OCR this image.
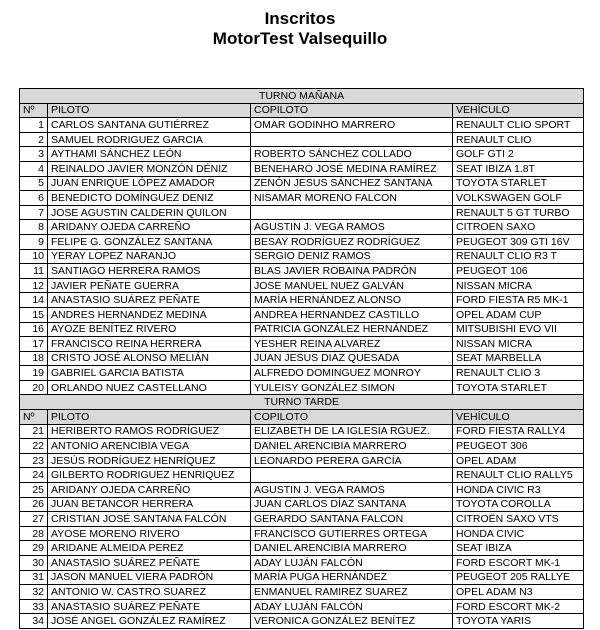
Inscritos
MotorTest Valsequillo
TURNO MAÑANA			
Nº	PILOTO	COPILOTO	VEHÍCULO
1	CARLOS SANTANA GUTIÉRREZ	OMAR GODINHO MARRERO	RENAULT CLIO SPORT
2	SAMUEL RODRIGUEZ GARCIA		RENAULT CLIO
3	AYTHAMI SÁNCHEZ LEÓN	ROBERTO SÁNCHEZ COLLADO	GOLF GTI 2
4	REINALDO JAVIER MONZÓN DÉNIZ	BENEHARO JOSÉ MEDINA RAMÍREZ	SEAT IBIZA 1.8T
5	JUAN ENRIQUE LÓPEZ AMADOR	ZENÓN JESUS SÁNCHEZ SANTANA	TOYOTA STARLET
6	BENEDICTO DOMÍNGUEZ DENIZ	NISAMAR MORENO FALCON	VOLKSWAGEN GOLF
7	JOSE AGUSTIN CALDERIN QUILON		RENAULT 5 GT TURBO
8	ARIDANY OJEDA CARREÑO	AGUSTIN J. VEGA RAMOS	CITROEN SAXO
9	FELIPE G. GONZÁLEZ SANTANA	BESAY RODRÍGUEZ RODRÍGUEZ	PEUGEOT 309 GTI 16V
10	YERAY LOPEZ NARANJO	SERGIO DENIZ RAMOS	RENAULT CLIO R3 T
11	SANTIAGO HERRERA RAMOS	BLAS JAVIER ROBAINA PADRÓN	PEUGEOT 106
12	JAVIER PEÑATE GUERRA	JOSE MANUEL NUEZ GALVÁN	NISSAN MICRA
14	ANASTASIO SUÁREZ PEÑATE	MARÍA HERNÁNDEZ ALONSO	FORD FIESTA R5 MK-1
15	ANDRES HERNANDEZ MEDINA	ANDREA HERNANDEZ CASTILLO	OPEL ADAM CUP
16	AYOZE BENÍTEZ RIVERO	PATRICIA GONZÁLEZ HERNÁNDEZ	MITSUBISHI EVO VII
17	FRANCISCO REINA HERRERA	YESHER REINA ALVAREZ	NISSAN MICRA
18	CRISTO JOSÉ ALONSO MELIÁN	JUAN JESUS DIAZ QUESADA	SEAT MARBELLA
19	GABRIEL GARCIA BATISTA	ALFREDO DOMINGUEZ MONROY	RENAULT CLIO 3
20	ORLANDO NUEZ CASTELLANO	YULEISY GONZÁLEZ SIMON	TOYOTA STARLET
TURNO TARDE			
Nº	PILOTO	COPILOTO	VEHÍCULO
21	HERIBERTO RAMOS RODRÍGUEZ	ELIZABETH DE LA IGLESIA RGUEZ.	FORD FIESTA RALLY4
22	ANTONIO ARENCIBIA VEGA	DANIEL ARENCIBIA MARRERO	PEUGEOT 306
23	JESÚS RODRÍGUEZ HENRÍQUEZ	LEONARDO PERERA GARCÍA	OPEL ADAM
24	GILBERTO RODRIGUEZ HENRIQUEZ		RENAULT CLIO RALLY5
25	ARIDANY OJEDA CARREÑO	AGUSTIN J. VEGA RAMOS	HONDA CIVIC R3
26	JUAN BETANCOR HERRERA	JUAN CARLOS DÍAZ SANTANA	TOYOTA COROLLA
27	CRISTIAN JOSÉ SANTANA FALCÓN	GERARDO SANTANA FALCON	CITROËN SAXO VTS
28	AYOSE MORENO RIVERO	FRANCISCO GUTIERRES ORTEGA	HONDA CIVIC
29	ARIDANE ALMEIDA PEREZ	DANIEL ARENCIBIA MARRERO	SEAT IBIZA
30	ANASTASIO SUÁREZ PEÑATE	ADAY LUJÁN FALCÓN	FORD ESCORT MK-1
31	JASON MANUEL VIERA PADRÓN	MARÍA PUGA HERNÁNDEZ	PEUGEOT 205 RALLYE
32	ANTONIO W. CASTRO SUAREZ	ENMANUEL RAMIREZ SUAREZ	OPEL ADAM N3
33	ANASTASIO SUÁREZ PEÑATE	ADAY LUJÁN FALCÓN	FORD ESCORT MK-2
34	JOSÉ ANGEL GONZÁLEZ RAMÍREZ	VERONICA GONZÁLEZ BENÍTEZ	TOYOTA YARIS
